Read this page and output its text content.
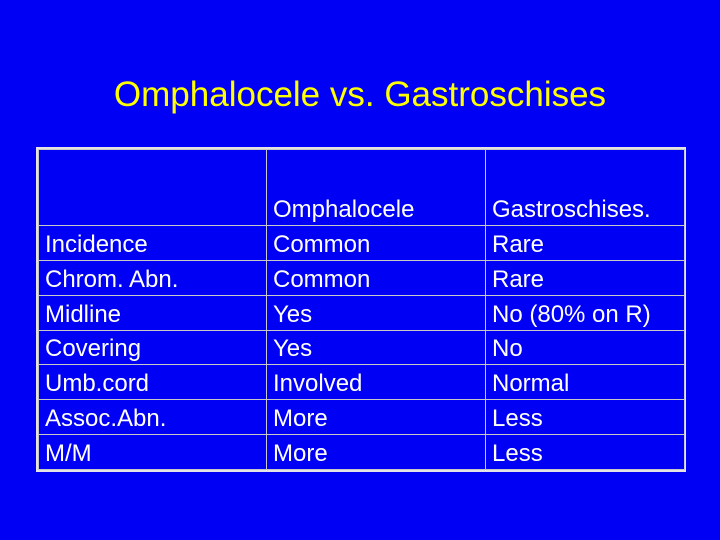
Omphalocele vs. Gastroschises
	Omphalocele	Gastroschises.
Incidence	Common	Rare
Chrom. Abn.	Common	Rare
Midline	Yes	No (80% on R)
Covering	Yes	No
Umb.cord	Involved	Normal
Assoc.Abn.	More	Less
M/M	More	Less
